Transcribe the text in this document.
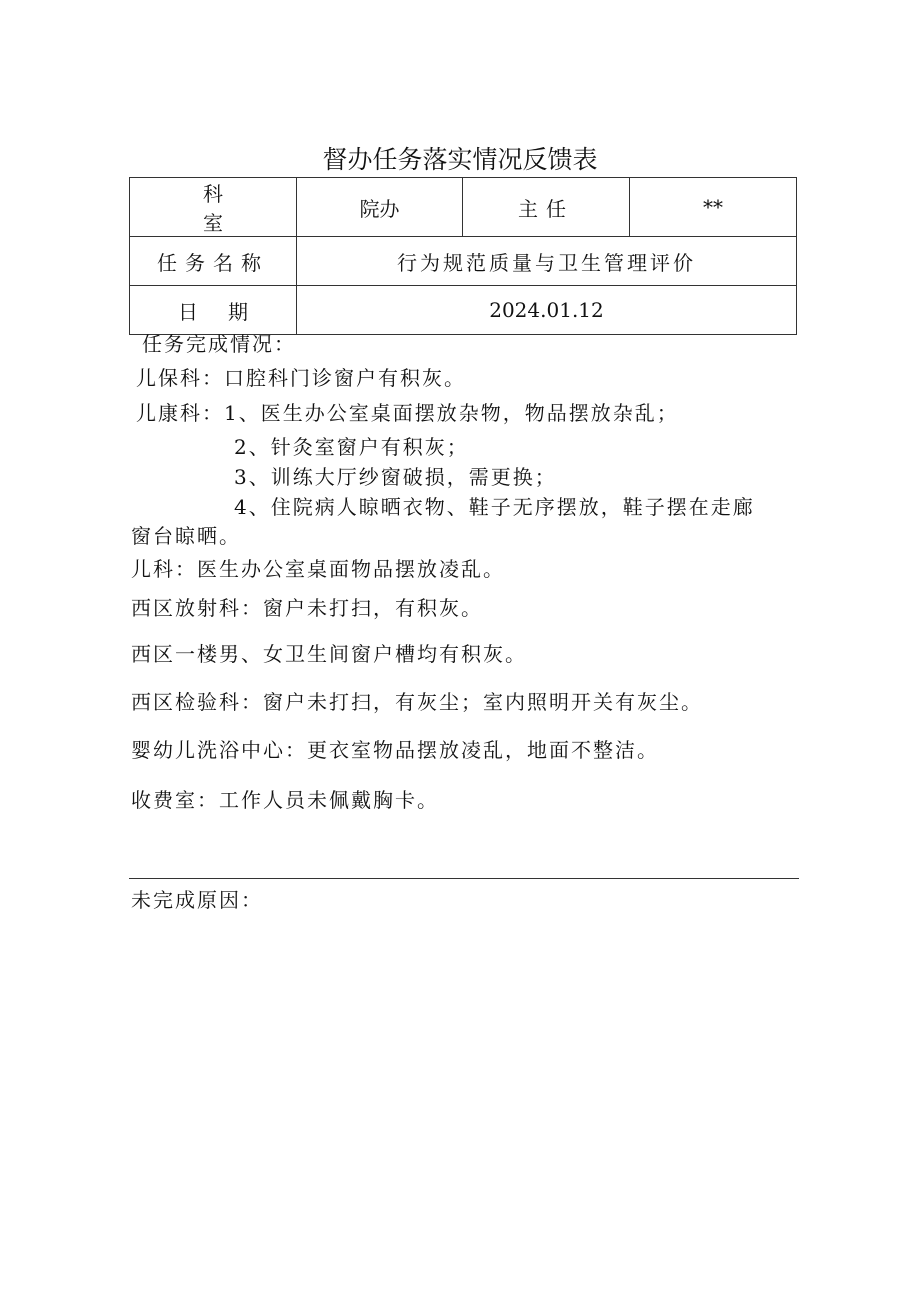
督办任务落实情况反馈表
科室	院办	主任	**
任务名称	行为规范质量与卫生管理评价		
日期	2024.01.12		
任务完成情况：
儿保科：口腔科门诊窗户有积灰。
儿康科：1、医生办公室桌面摆放杂物，物品摆放杂乱；
2、针灸室窗户有积灰；
3、训练大厅纱窗破损，需更换；
4、住院病人晾晒衣物、鞋子无序摆放，鞋子摆在走廊
窗台晾晒。
儿科：医生办公室桌面物品摆放凌乱。
西区放射科：窗户未打扫，有积灰。
西区一楼男、女卫生间窗户槽均有积灰。
西区检验科：窗户未打扫，有灰尘；室内照明开关有灰尘。
婴幼儿洗浴中心：更衣室物品摆放凌乱，地面不整洁。
收费室：工作人员未佩戴胸卡。
未完成原因：
